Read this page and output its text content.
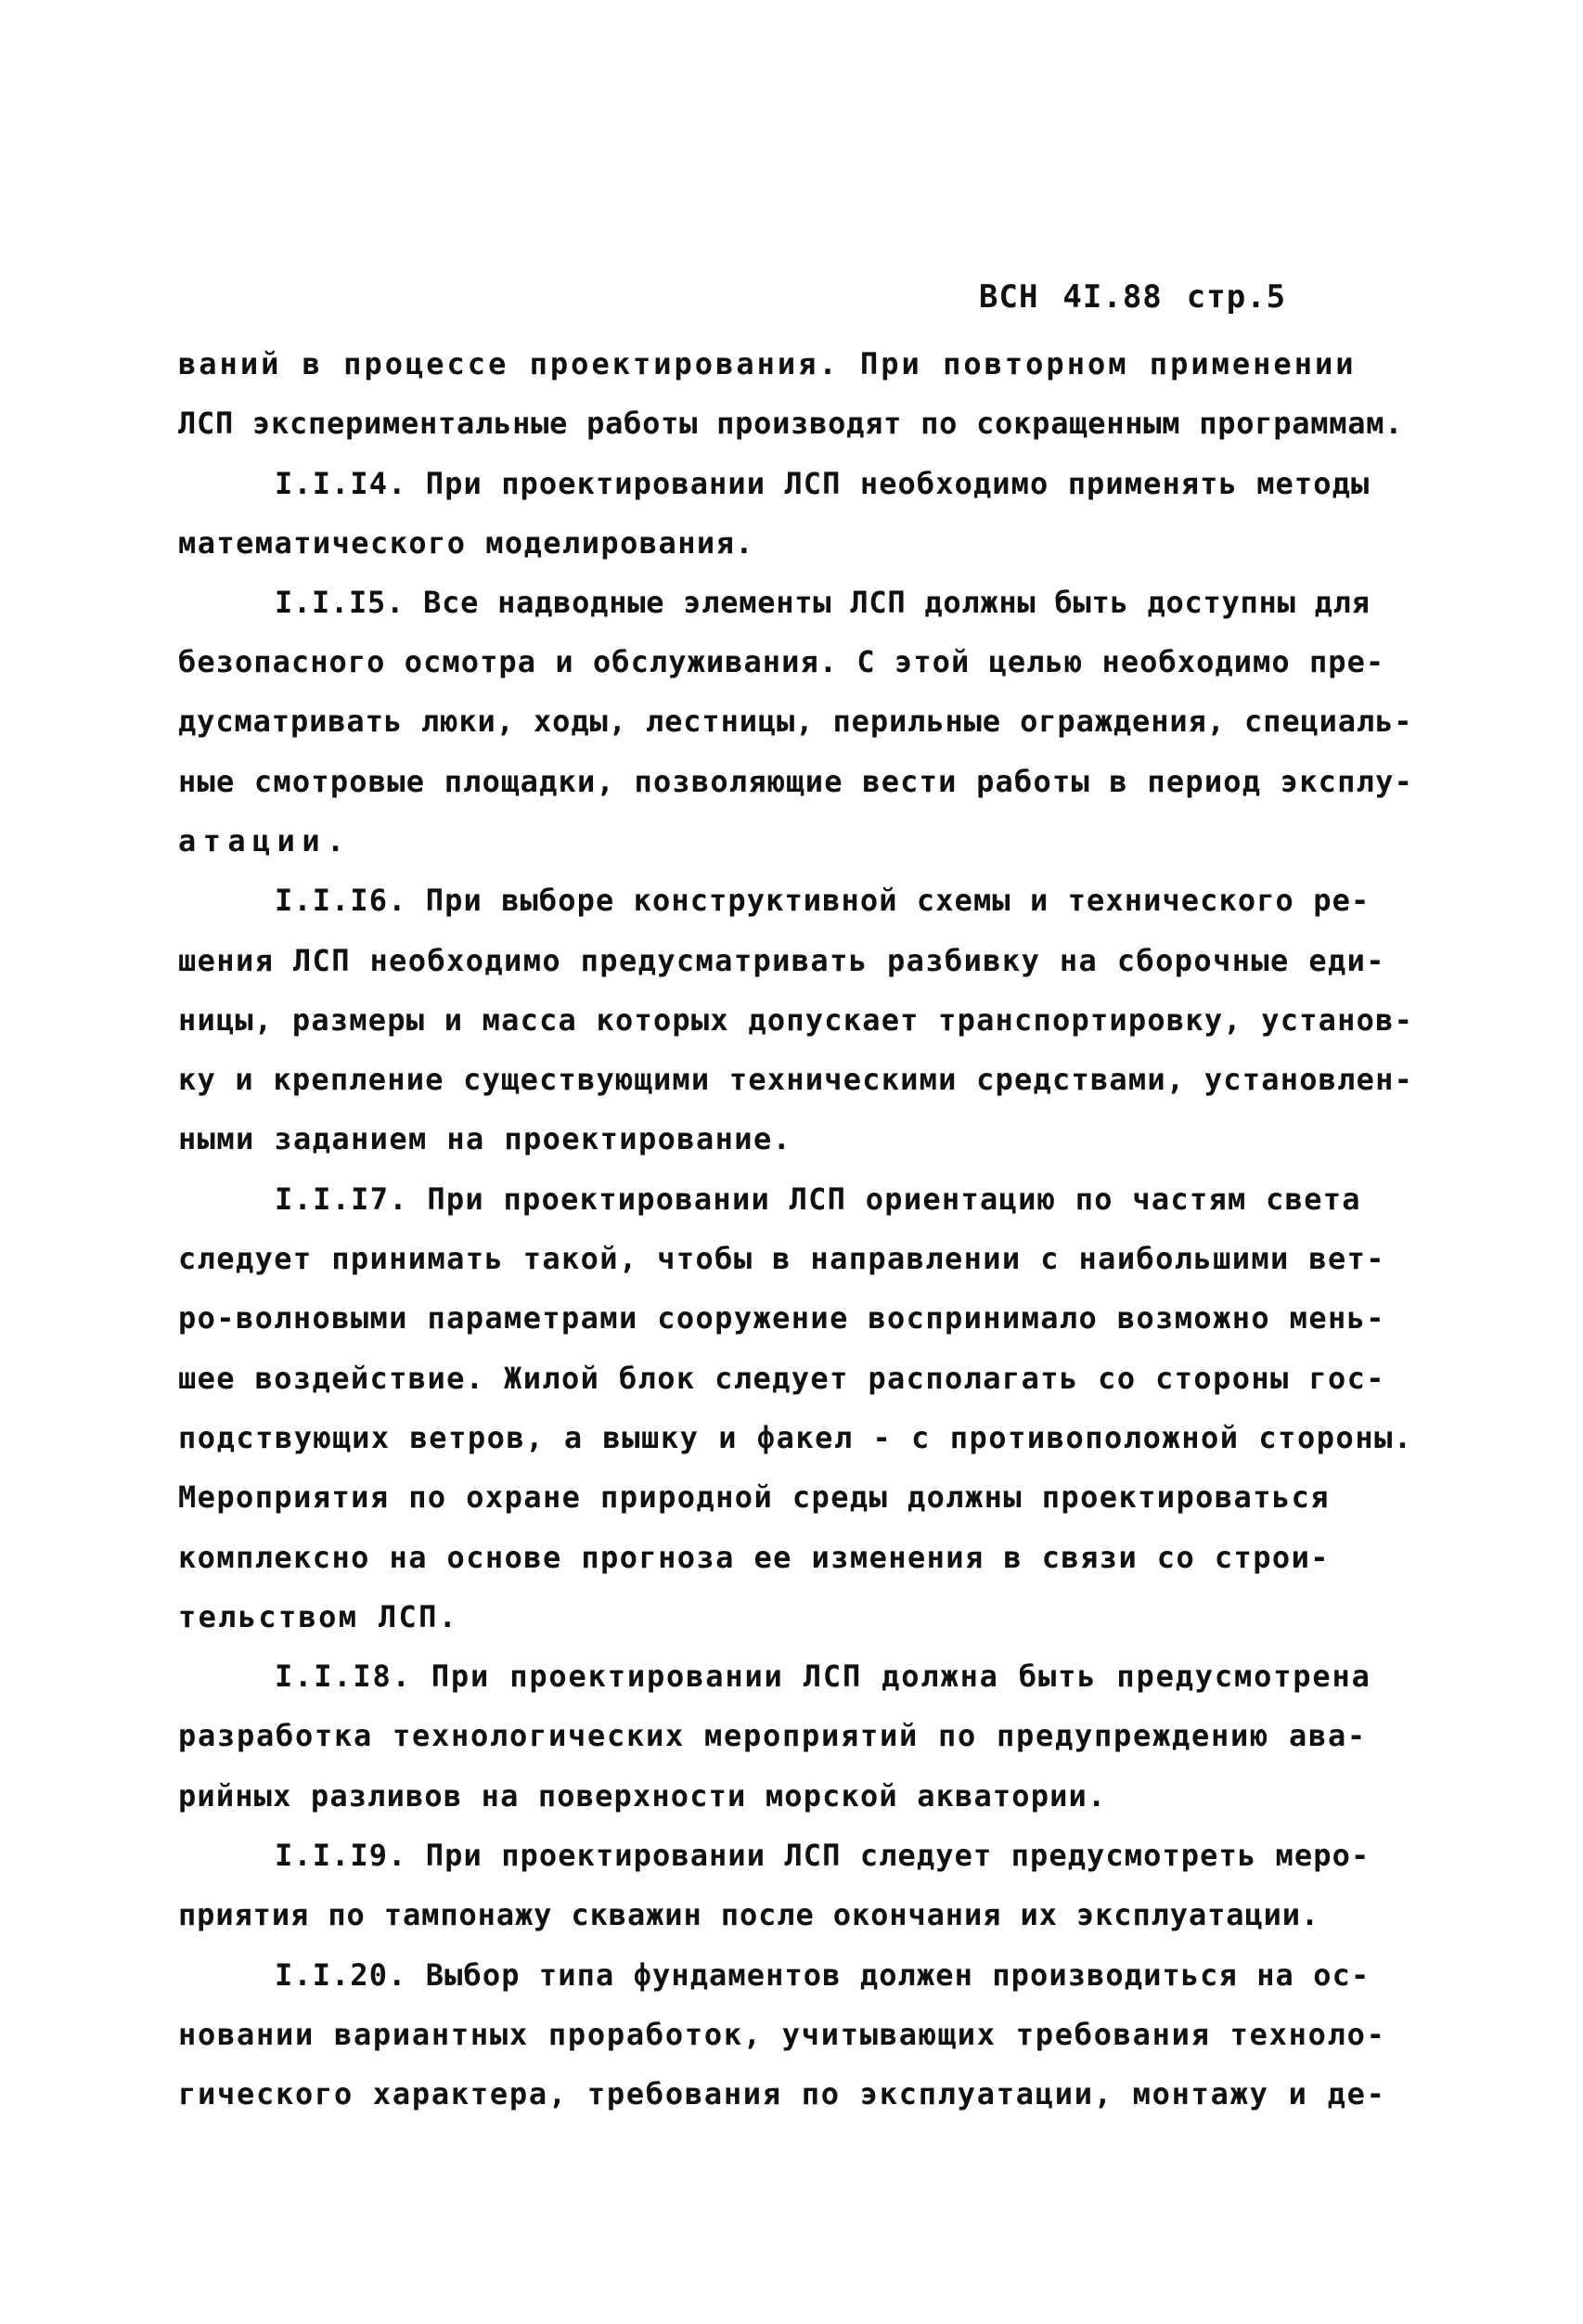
ВСН 4I.88 стр.5
ваний в процессе проектирования. При повторном применении
ЛСП экспериментальные работы производят по сокращенным программам.
I.I.I4. При проектировании ЛСП необходимо применять методы
математического моделирования.
I.I.I5. Все надводные элементы ЛСП должны быть доступны для
безопасного осмотра и обслуживания. С этой целью необходимо пре-
дусматривать люки, ходы, лестницы, перильные ограждения, специаль-
ные смотровые площадки, позволяющие вести работы в период эксплу-
атации.
I.I.I6. При выборе конструктивной схемы и технического ре-
шения ЛСП необходимо предусматривать разбивку на сборочные еди-
ницы, размеры и масса которых допускает транспортировку, установ-
ку и крепление существующими техническими средствами, установлен-
ными заданием на проектирование.
I.I.I7. При проектировании ЛСП ориентацию по частям света
следует принимать такой, чтобы в направлении с наибольшими вет-
ро-волновыми параметрами сооружение воспринимало возможно мень-
шее воздействие. Жилой блок следует располагать со стороны гос-
подствующих ветров, а вышку и факел - с противоположной стороны.
Мероприятия по охране природной среды должны проектироваться
комплексно на основе прогноза ее изменения в связи со строи-
тельством ЛСП.
I.I.I8. При проектировании ЛСП должна быть предусмотрена
разработка технологических мероприятий по предупреждению ава-
рийных разливов на поверхности морской акватории.
I.I.I9. При проектировании ЛСП следует предусмотреть меро-
приятия по тампонажу скважин после окончания их эксплуатации.
I.I.20. Выбор типа фундаментов должен производиться на ос-
новании вариантных проработок, учитывающих требования техноло-
гического характера, требования по эксплуатации, монтажу и де-
